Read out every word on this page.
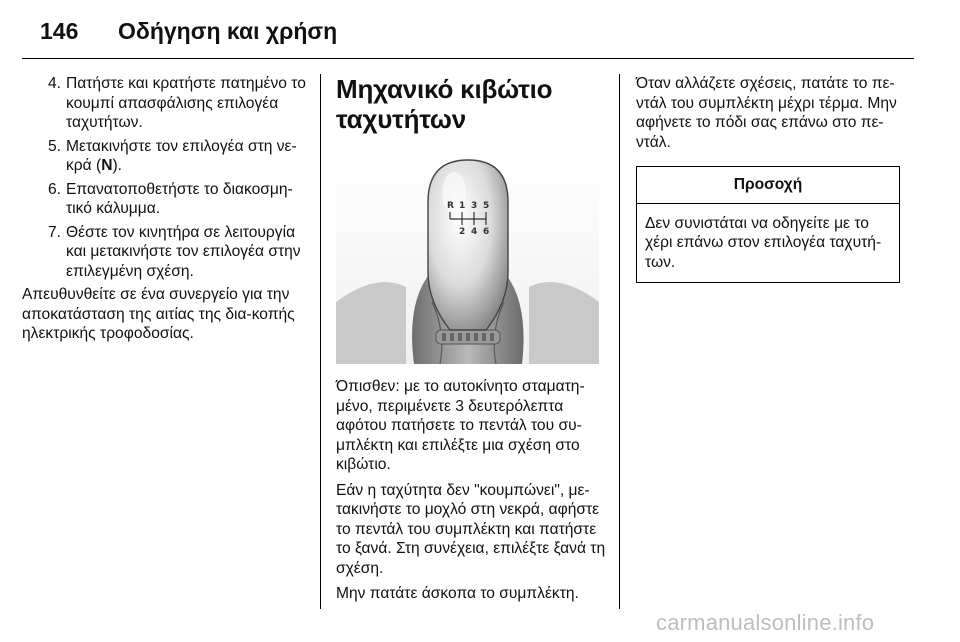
146 Οδήγηση και χρήση
4. Πατήστε και κρατήστε πατημένο το κουμπί απασφάλισης επιλογέα ταχυτήτων.
5. Μετακινήστε τον επιλογέα στη νε-κρά (N).
6. Επανατοποθετήστε το διακοσμη-τικό κάλυμμα.
7. Θέστε τον κινητήρα σε λειτουργία και μετακινήστε τον επιλογέα στην επιλεγμένη σχέση.

Απευθυνθείτε σε ένα συνεργείο για την αποκατάσταση της αιτίας της δια-κοπής ηλεκτρικής τροφοδοσίας.

Μηχανικό κιβώτιο ταχυτήτων
R 1 3 5
2 4 6

Όπισθεν: με το αυτοκίνητο σταματη-μένο, περιμένετε 3 δευτερόλεπτα αφότου πατήσετε το πεντάλ του συ-μπλέκτη και επιλέξτε μια σχέση στο κιβώτιο.

Εάν η ταχύτητα δεν "κουμπώνει", με-τακινήστε το μοχλό στη νεκρά, αφήστε το πεντάλ του συμπλέκτη και πατήστε το ξανά. Στη συνέχεια, επιλέξτε ξανά τη σχέση.

Μην πατάτε άσκοπα το συμπλέκτη.

Όταν αλλάζετε σχέσεις, πατάτε το πε-ντάλ του συμπλέκτη μέχρι τέρμα. Μην αφήνετε το πόδι σας επάνω στο πε-ντάλ.

Προσοχή
Δεν συνιστάται να οδηγείτε με το χέρι επάνω στον επιλογέα ταχυτή-των.
carmanualsonline.info
